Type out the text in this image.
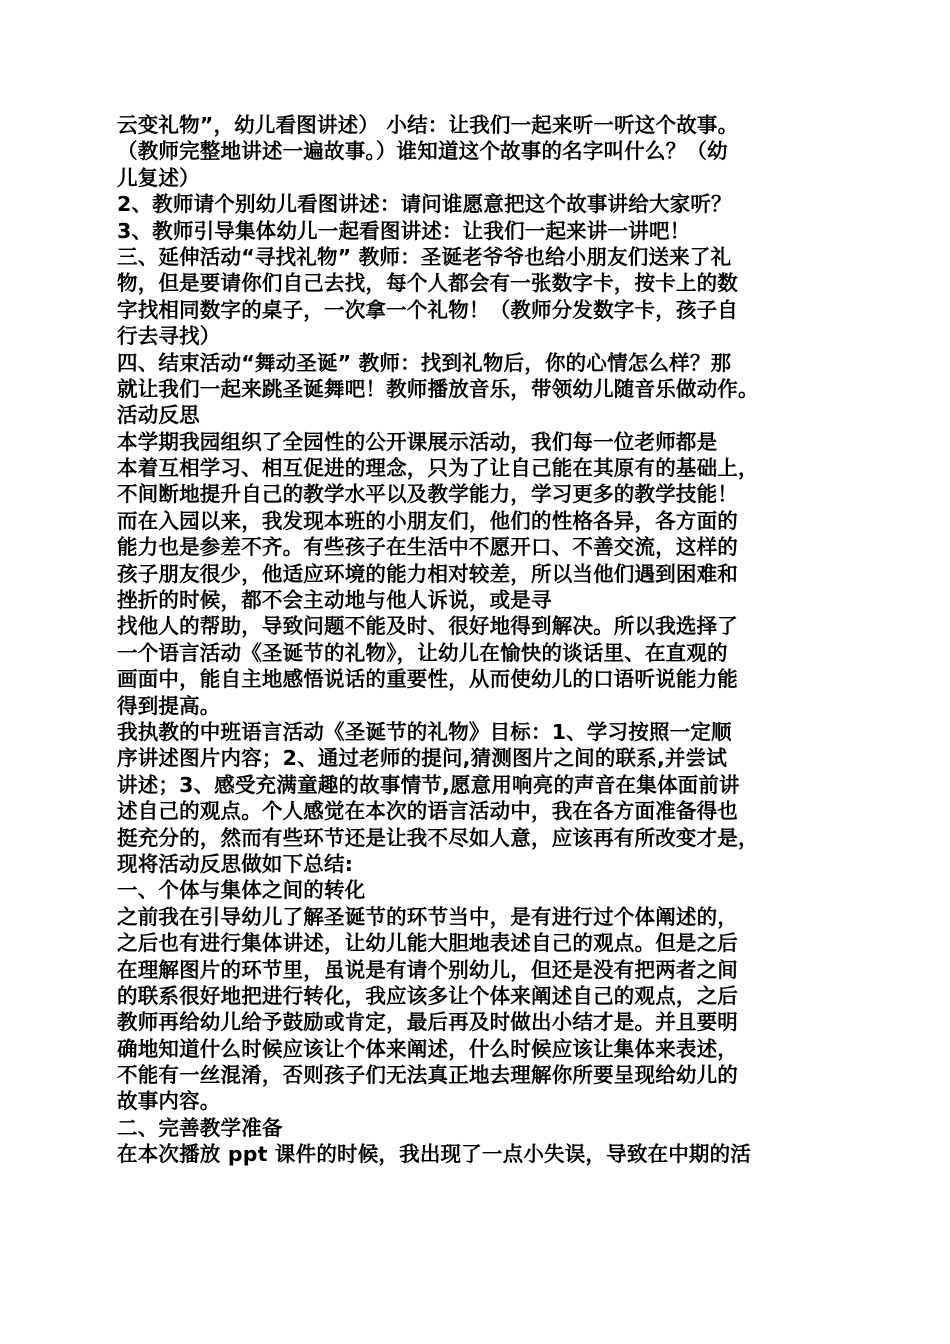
云变礼物”，幼儿看图讲述） 小结：让我们一起来听一听这个故事。
（教师完整地讲述一遍故事。）谁知道这个故事的名字叫什么？（幼
儿复述）
2、教师请个别幼儿看图讲述：请问谁愿意把这个故事讲给大家听？
3、教师引导集体幼儿一起看图讲述：让我们一起来讲一讲吧！
三、延伸活动“寻找礼物” 教师：圣诞老爷爷也给小朋友们送来了礼
物，但是要请你们自己去找，每个人都会有一张数字卡，按卡上的数
字找相同数字的桌子，一次拿一个礼物！（教师分发数字卡，孩子自
行去寻找）
四、结束活动“舞动圣诞” 教师：找到礼物后，你的心情怎么样？那
就让我们一起来跳圣诞舞吧！教师播放音乐，带领幼儿随音乐做动作。
活动反思
本学期我园组织了全园性的公开课展示活动，我们每一位老师都是
本着互相学习、相互促进的理念，只为了让自己能在其原有的基础上，
不间断地提升自己的教学水平以及教学能力，学习更多的教学技能！
而在入园以来，我发现本班的小朋友们，他们的性格各异，各方面的
能力也是参差不齐。有些孩子在生活中不愿开口、不善交流，这样的
孩子朋友很少，他适应环境的能力相对较差，所以当他们遇到困难和
挫折的时候，都不会主动地与他人诉说，或是寻
找他人的帮助，导致问题不能及时、很好地得到解决。所以我选择了
一个语言活动《圣诞节的礼物》，让幼儿在愉快的谈话里、在直观的
画面中，能自主地感悟说话的重要性，从而使幼儿的口语听说能力能
得到提高。
我执教的中班语言活动《圣诞节的礼物》目标：1、学习按照一定顺
序讲述图片内容；2、通过老师的提问,猜测图片之间的联系,并尝试
讲述；3、感受充满童趣的故事情节,愿意用响亮的声音在集体面前讲
述自己的观点。个人感觉在本次的语言活动中，我在各方面准备得也
挺充分的，然而有些环节还是让我不尽如人意，应该再有所改变才是，
现将活动反思做如下总结:
一、个体与集体之间的转化
之前我在引导幼儿了解圣诞节的环节当中，是有进行过个体阐述的，
之后也有进行集体讲述，让幼儿能大胆地表述自己的观点。但是之后
在理解图片的环节里，虽说是有请个别幼儿，但还是没有把两者之间
的联系很好地把进行转化，我应该多让个体来阐述自己的观点，之后
教师再给幼儿给予鼓励或肯定，最后再及时做出小结才是。并且要明
确地知道什么时候应该让个体来阐述，什么时候应该让集体来表述，
不能有一丝混淆，否则孩子们无法真正地去理解你所要呈现给幼儿的
故事内容。
二、完善教学准备
在本次播放 ppt 课件的时候，我出现了一点小失误，导致在中期的活
